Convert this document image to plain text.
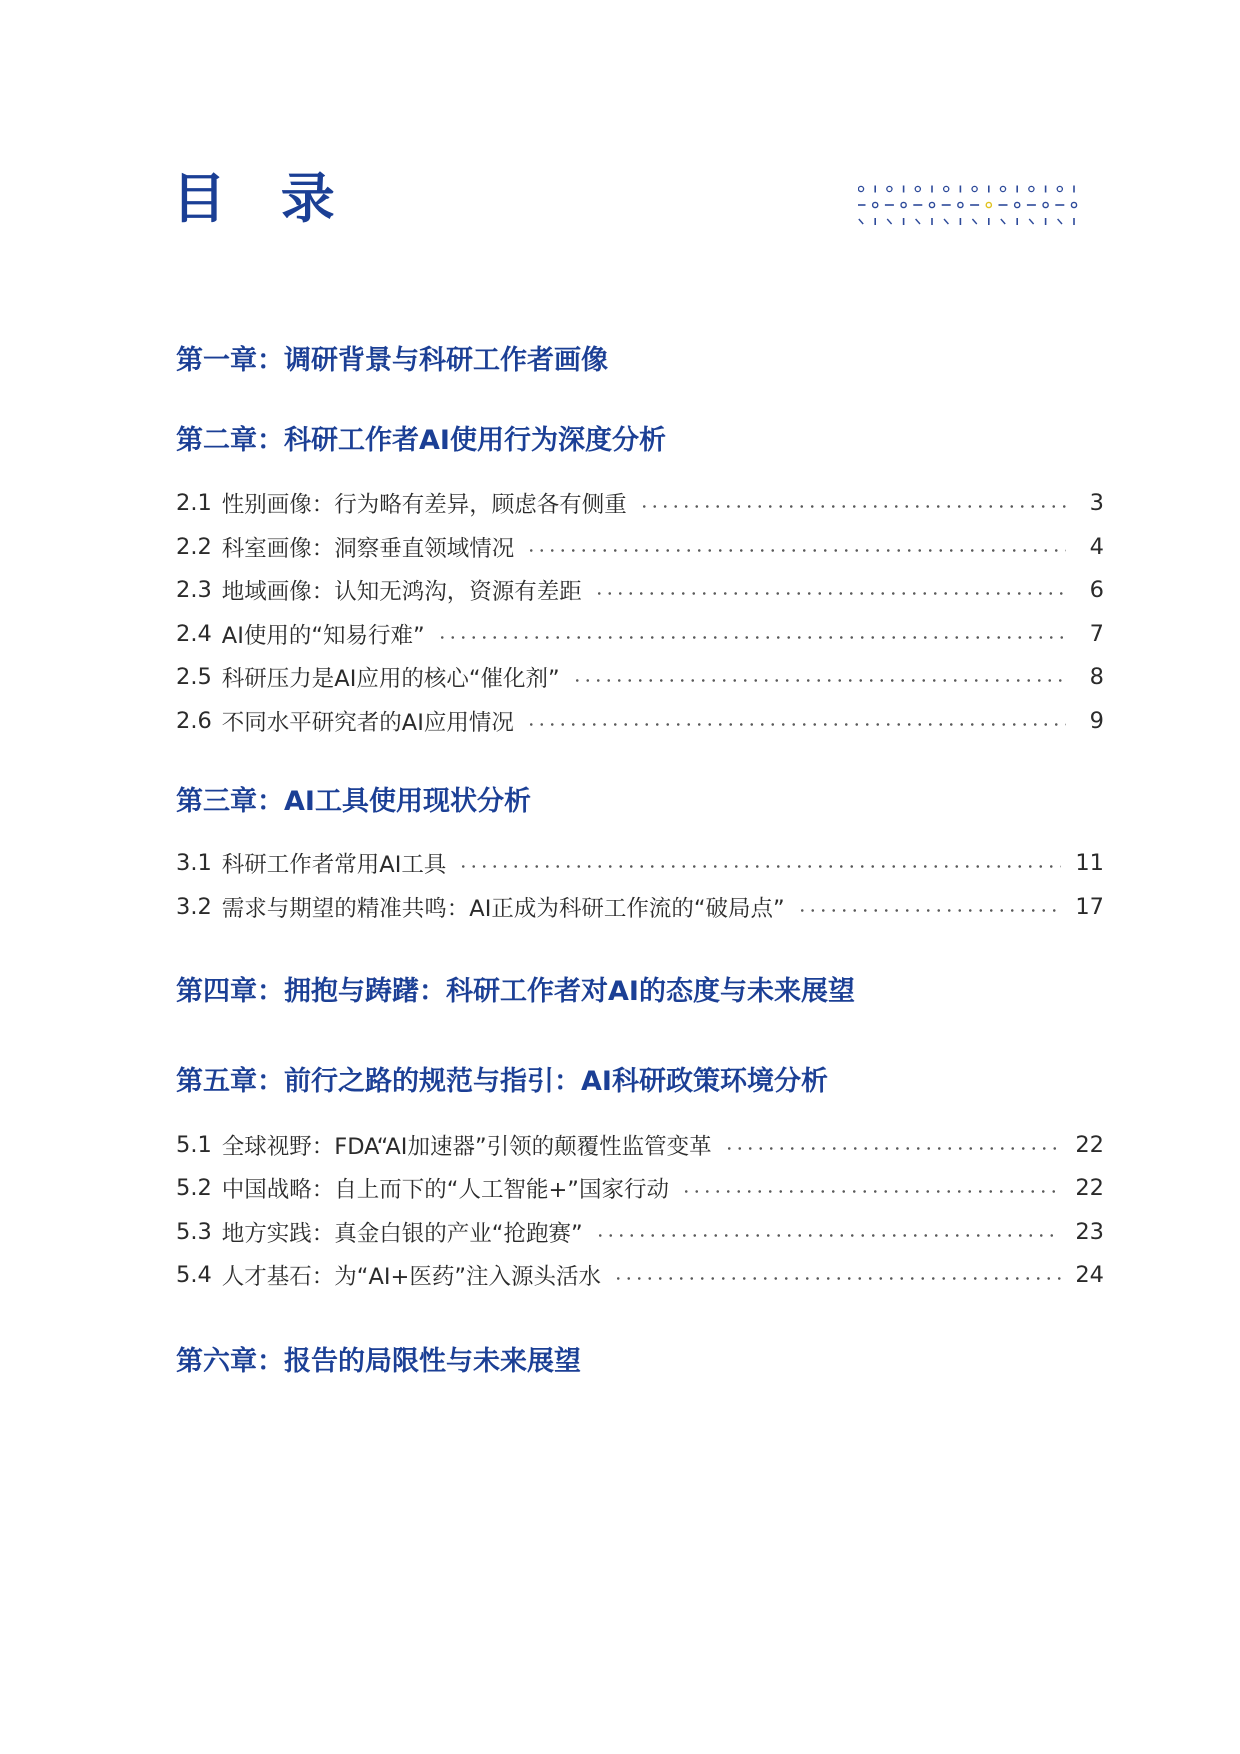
目 录
第一章：调研背景与科研工作者画像
第二章：科研工作者AI使用行为深度分析
2.1 性别画像：行为略有差异，顾虑各有侧重	3
2.2 科室画像：洞察垂直领域情况	4
2.3 地域画像：认知无鸿沟，资源有差距	6
2.4 AI使用的“知易行难”	7
2.5 科研压力是AI应用的核心“催化剂”	8
2.6 不同水平研究者的AI应用情况	9
第三章：AI工具使用现状分析
3.1 科研工作者常用AI工具	11
3.2 需求与期望的精准共鸣：AI正成为科研工作流的“破局点”	17
第四章：拥抱与踌躇：科研工作者对AI的态度与未来展望
第五章：前行之路的规范与指引：AI科研政策环境分析
5.1 全球视野：FDA“AI加速器”引领的颠覆性监管变革	22
5.2 中国战略：自上而下的“人工智能+”国家行动	22
5.3 地方实践：真金白银的产业“抢跑赛”	23
5.4 人才基石：为“AI+医药”注入源头活水	24
第六章：报告的局限性与未来展望
